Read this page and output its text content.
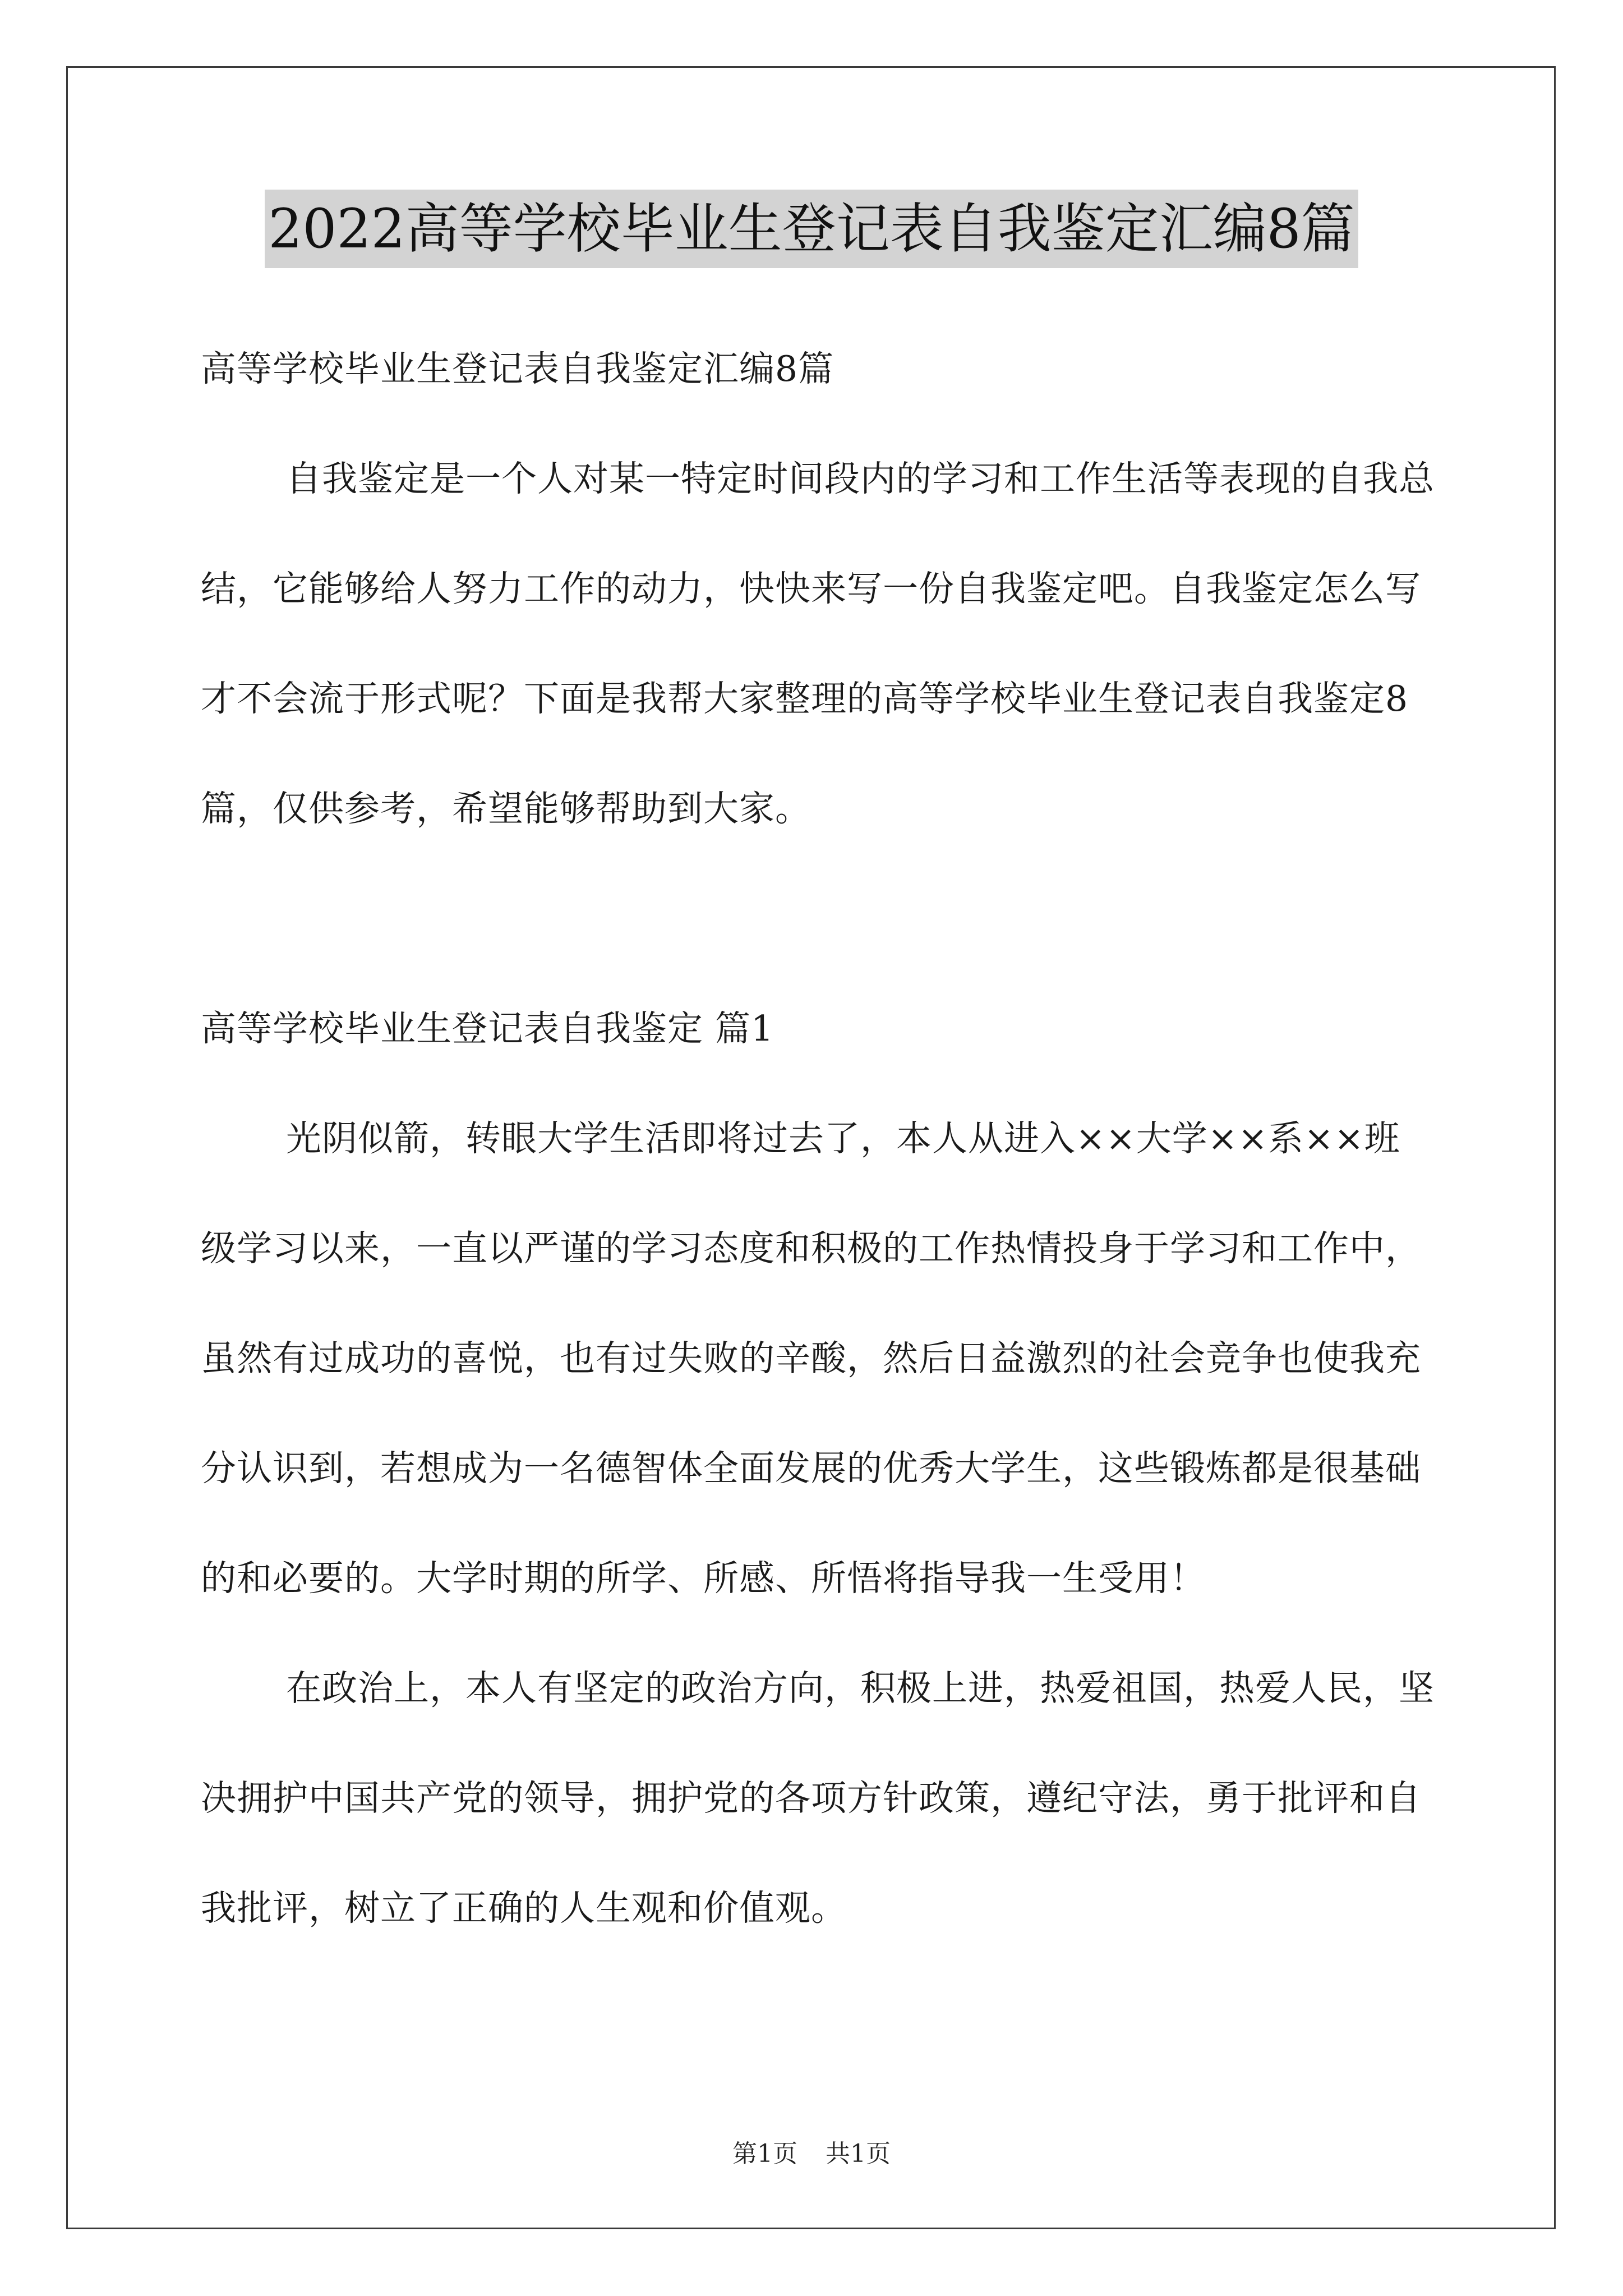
2022高等学校毕业生登记表自我鉴定汇编8篇

高等学校毕业生登记表自我鉴定汇编8篇

自我鉴定是一个人对某一特定时间段内的学习和工作生活等表现的自我总结，它能够给人努力工作的动力，快快来写一份自我鉴定吧。自我鉴定怎么写才不会流于形式呢？下面是我帮大家整理的高等学校毕业生登记表自我鉴定8篇，仅供参考，希望能够帮助到大家。

高等学校毕业生登记表自我鉴定 篇1

光阴似箭，转眼大学生活即将过去了，本人从进入××大学××系××班级学习以来，一直以严谨的学习态度和积极的工作热情投身于学习和工作中，虽然有过成功的喜悦，也有过失败的辛酸，然后日益激烈的社会竞争也使我充分认识到，若想成为一名德智体全面发展的优秀大学生，这些锻炼都是很基础的和必要的。大学时期的所学、所感、所悟将指导我一生受用！

在政治上，本人有坚定的政治方向，积极上进，热爱祖国，热爱人民，坚决拥护中国共产党的领导，拥护党的各项方针政策，遵纪守法，勇于批评和自我批评，树立了正确的人生观和价值观。

第1页 共1页
